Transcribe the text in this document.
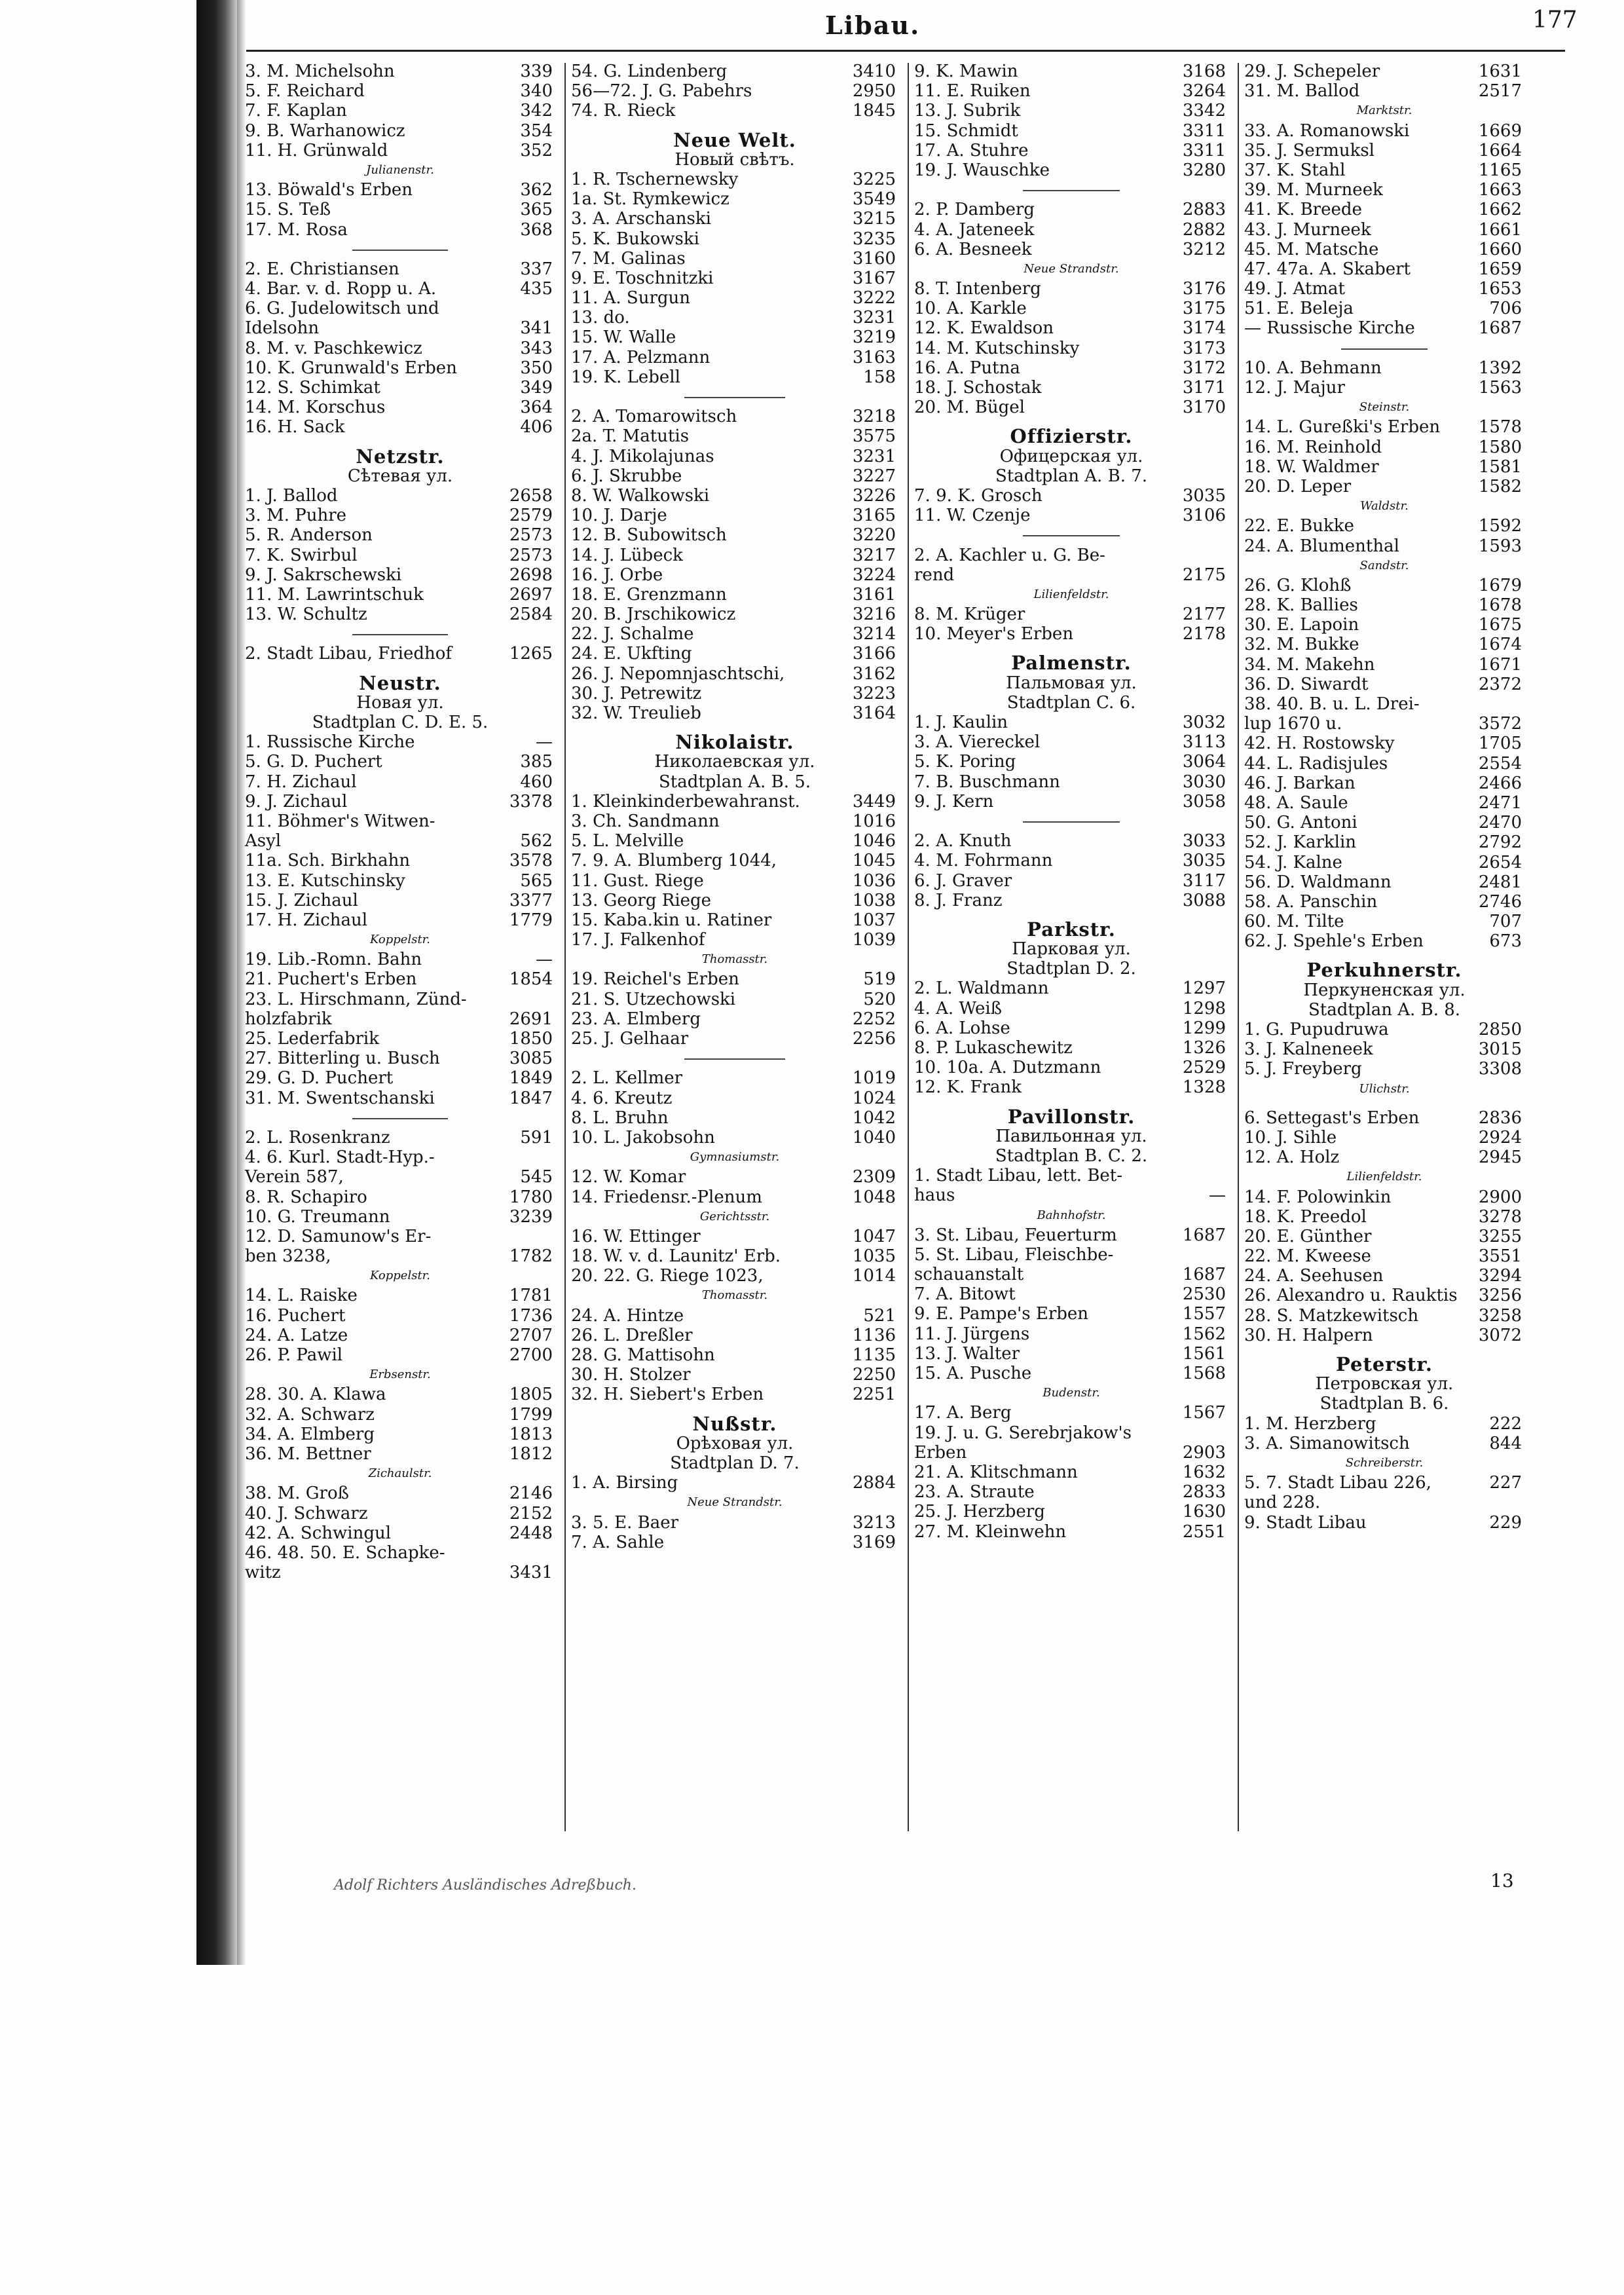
Libau.	177
3. M. Michelsohn	339
5. F. Reichard	340
7. F. Kaplan	342
9. B. Warhanowicz	354
11. H. Grünwald	352
Julianenstr.
13. Böwald's Erben	362
15. S. Teß	365
17. M. Rosa	368
2. E. Christiansen	337
4. Bar. v. d. Ropp u. A.	435
6. G. Judelowitsch und
Idelsohn	341
8. M. v. Paschkewicz	343
10. K. Grunwald's Erben	350
12. S. Schimkat	349
14. M. Korschus	364
16. H. Sack	406
Netzstr.
Сѣтевая ул.
1. J. Ballod	2658
3. M. Puhre	2579
5. R. Anderson	2573
7. K. Swirbul	2573
9. J. Sakrschewski	2698
11. M. Lawrintschuk	2697
13. W. Schultz	2584
2. Stadt Libau, Friedhof	1265
Neustr.
Новая ул.
Stadtplan C. D. E. 5.
1. Russische Kirche	—
5. G. D. Puchert	385
7. H. Zichaul	460
9. J. Zichaul	3378
11. Böhmer's Witwen-
Asyl	562
11a. Sch. Birkhahn	3578
13. E. Kutschinsky	565
15. J. Zichaul	3377
17. H. Zichaul	1779
Koppelstr.
19. Lib.-Romn. Bahn	—
21. Puchert's Erben	1854
23. L. Hirschmann, Zünd-
holzfabrik	2691
25. Lederfabrik	1850
27. Bitterling u. Busch	3085
29. G. D. Puchert	1849
31. M. Swentschanski	1847
2. L. Rosenkranz	591
4. 6. Kurl. Stadt-Hyp.-
Verein 587,	545
8. R. Schapiro	1780
10. G. Treumann	3239
12. D. Samunow's Er-
ben 3238,	1782
Koppelstr.
14. L. Raiske	1781
16. Puchert	1736
24. A. Latze	2707
26. P. Pawil	2700
Erbsenstr.
28. 30. A. Klawa	1805
32. A. Schwarz	1799
34. A. Elmberg	1813
36. M. Bettner	1812
Zichaulstr.
38. M. Groß	2146
40. J. Schwarz	2152
42. A. Schwingul	2448
46. 48. 50. E. Schapke-
witz	3431
54. G. Lindenberg	3410
56—72. J. G. Pabehrs	2950
74. R. Rieck	1845
Neue Welt.
Новый свѣтъ.
1. R. Tschernewsky	3225
1a. St. Rymkewicz	3549
3. A. Arschanski	3215
5. K. Bukowski	3235
7. M. Galinas	3160
9. E. Toschnitzki	3167
11. A. Surgun	3222
13. do.	3231
15. W. Walle	3219
17. A. Pelzmann	3163
19. K. Lebell	158
2. A. Tomarowitsch	3218
2a. T. Matutis	3575
4. J. Mikolajunas	3231
6. J. Skrubbe	3227
8. W. Walkowski	3226
10. J. Darje	3165
12. B. Subowitsch	3220
14. J. Lübeck	3217
16. J. Orbe	3224
18. E. Grenzmann	3161
20. B. Jrschikowicz	3216
22. J. Schalme	3214
24. E. Ukfting	3166
26. J. Nepomnjaschtschi,	3162
30. J. Petrewitz	3223
32. W. Treulieb	3164
Nikolaistr.
Николаевская ул.
Stadtplan A. B. 5.
1. Kleinkinderbewahranst.	3449
3. Ch. Sandmann	1016
5. L. Melville	1046
7. 9. A. Blumberg 1044,	1045
11. Gust. Riege	1036
13. Georg Riege	1038
15. Kaba.kin u. Ratiner	1037
17. J. Falkenhof	1039
Thomasstr.
19. Reichel's Erben	519
21. S. Utzechowski	520
23. A. Elmberg	2252
25. J. Gelhaar	2256
2. L. Kellmer	1019
4. 6. Kreutz	1024
8. L. Bruhn	1042
10. L. Jakobsohn	1040
Gymnasiumstr.
12. W. Komar	2309
14. Friedensr.-Plenum	1048
Gerichtsstr.
16. W. Ettinger	1047
18. W. v. d. Launitz' Erb.	1035
20. 22. G. Riege 1023,	1014
Thomasstr.
24. A. Hintze	521
26. L. Dreßler	1136
28. G. Mattisohn	1135
30. H. Stolzer	2250
32. H. Siebert's Erben	2251
Nußstr.
Орѣховая ул.
Stadtplan D. 7.
1. A. Birsing	2884
Neue Strandstr.
3. 5. E. Baer	3213
7. A. Sahle	3169
9. K. Mawin	3168
11. E. Ruiken	3264
13. J. Subrik	3342
15. Schmidt	3311
17. A. Stuhre	3311
19. J. Wauschke	3280
2. P. Damberg	2883
4. A. Jateneek	2882
6. A. Besneek	3212
Neue Strandstr.
8. T. Intenberg	3176
10. A. Karkle	3175
12. K. Ewaldson	3174
14. M. Kutschinsky	3173
16. A. Putna	3172
18. J. Schostak	3171
20. M. Bügel	3170
Offizierstr.
Офицерская ул.
Stadtplan A. B. 7.
7. 9. K. Grosch	3035
11. W. Czenje	3106
2. A. Kachler u. G. Be-
rend	2175
Lilienfeldstr.
8. M. Krüger	2177
10. Meyer's Erben	2178
Palmenstr.
Пальмовая ул.
Stadtplan C. 6.
1. J. Kaulin	3032
3. A. Viereckel	3113
5. K. Poring	3064
7. B. Buschmann	3030
9. J. Kern	3058
2. A. Knuth	3033
4. M. Fohrmann	3035
6. J. Graver	3117
8. J. Franz	3088
Parkstr.
Парковая ул.
Stadtplan D. 2.
2. L. Waldmann	1297
4. A. Weiß	1298
6. A. Lohse	1299
8. P. Lukaschewitz	1326
10. 10a. A. Dutzmann	2529
12. K. Frank	1328
Pavillonstr.
Павильонная ул.
Stadtplan B. C. 2.
1. Stadt Libau, lett. Bet-
haus	—
Bahnhofstr.
3. St. Libau, Feuerturm	1687
5. St. Libau, Fleischbe-
schauanstalt	1687
7. A. Bitowt	2530
9. E. Pampe's Erben	1557
11. J. Jürgens	1562
13. J. Walter	1561
15. A. Pusche	1568
Budenstr.
17. A. Berg	1567
19. J. u. G. Serebrjakow's
Erben	2903
21. A. Klitschmann	1632
23. A. Straute	2833
25. J. Herzberg	1630
27. M. Kleinwehn	2551
29. J. Schepeler	1631
31. M. Ballod	2517
Marktstr.
33. A. Romanowski	1669
35. J. Sermuksl	1664
37. K. Stahl	1165
39. M. Murneek	1663
41. K. Breede	1662
43. J. Murneek	1661
45. M. Matsche	1660
47. 47a. A. Skabert	1659
49. J. Atmat	1653
51. E. Beleja	706
— Russische Kirche	1687
10. A. Behmann	1392
12. J. Majur	1563
Steinstr.
14. L. Gureßki's Erben 1578
16. M. Reinhold	1580
18. W. Waldmer	1581
20. D. Leper	1582
Waldstr.
22. E. Bukke	1592
24. A. Blumenthal	1593
Sandstr.
26. G. Klohß	1679
28. K. Ballies	1678
30. E. Lapoin	1675
32. M. Bukke	1674
34. M. Makehn	1671
36. D. Siwardt	2372
38. 40. B. u. L. Drei-
lup 1670 u.	3572
42. H. Rostowsky	1705
44. L. Radisjules	2554
46. J. Barkan	2466
48. A. Saule	2471
50. G. Antoni	2470
52. J. Karklin	2792
54. J. Kalne	2654
56. D. Waldmann	2481
58. A. Panschin	2746
60. M. Tilte	707
62. J. Spehle's Erben	673
Perkuhnerstr.
Перкуненская ул.
Stadtplan A. B. 8.
1. G. Pupudruwa	2850
3. J. Kalneneek	3015
5. J. Freyberg	3308
Ulichstr.
6. Settegast's Erben	2836
10. J. Sihle	2924
12. A. Holz	2945
Lilienfeldstr.
14. F. Polowinkin	2900
18. K. Preedol	3278
20. E. Günther	3255
22. M. Kweese	3551
24. A. Seehusen	3294
26. Alexandro u. Rauktis 3256
28. S. Matzkewitsch	3258
30. H. Halpern	3072
Peterstr.
Петровская ул.
Stadtplan B. 6.
1. M. Herzberg	222
3. A. Simanowitsch	844
Schreiberstr.
5. 7. Stadt Libau 226,	227
und 228.
9. Stadt Libau	229
Adolf Richters Ausländisches Adreßbuch.	13
